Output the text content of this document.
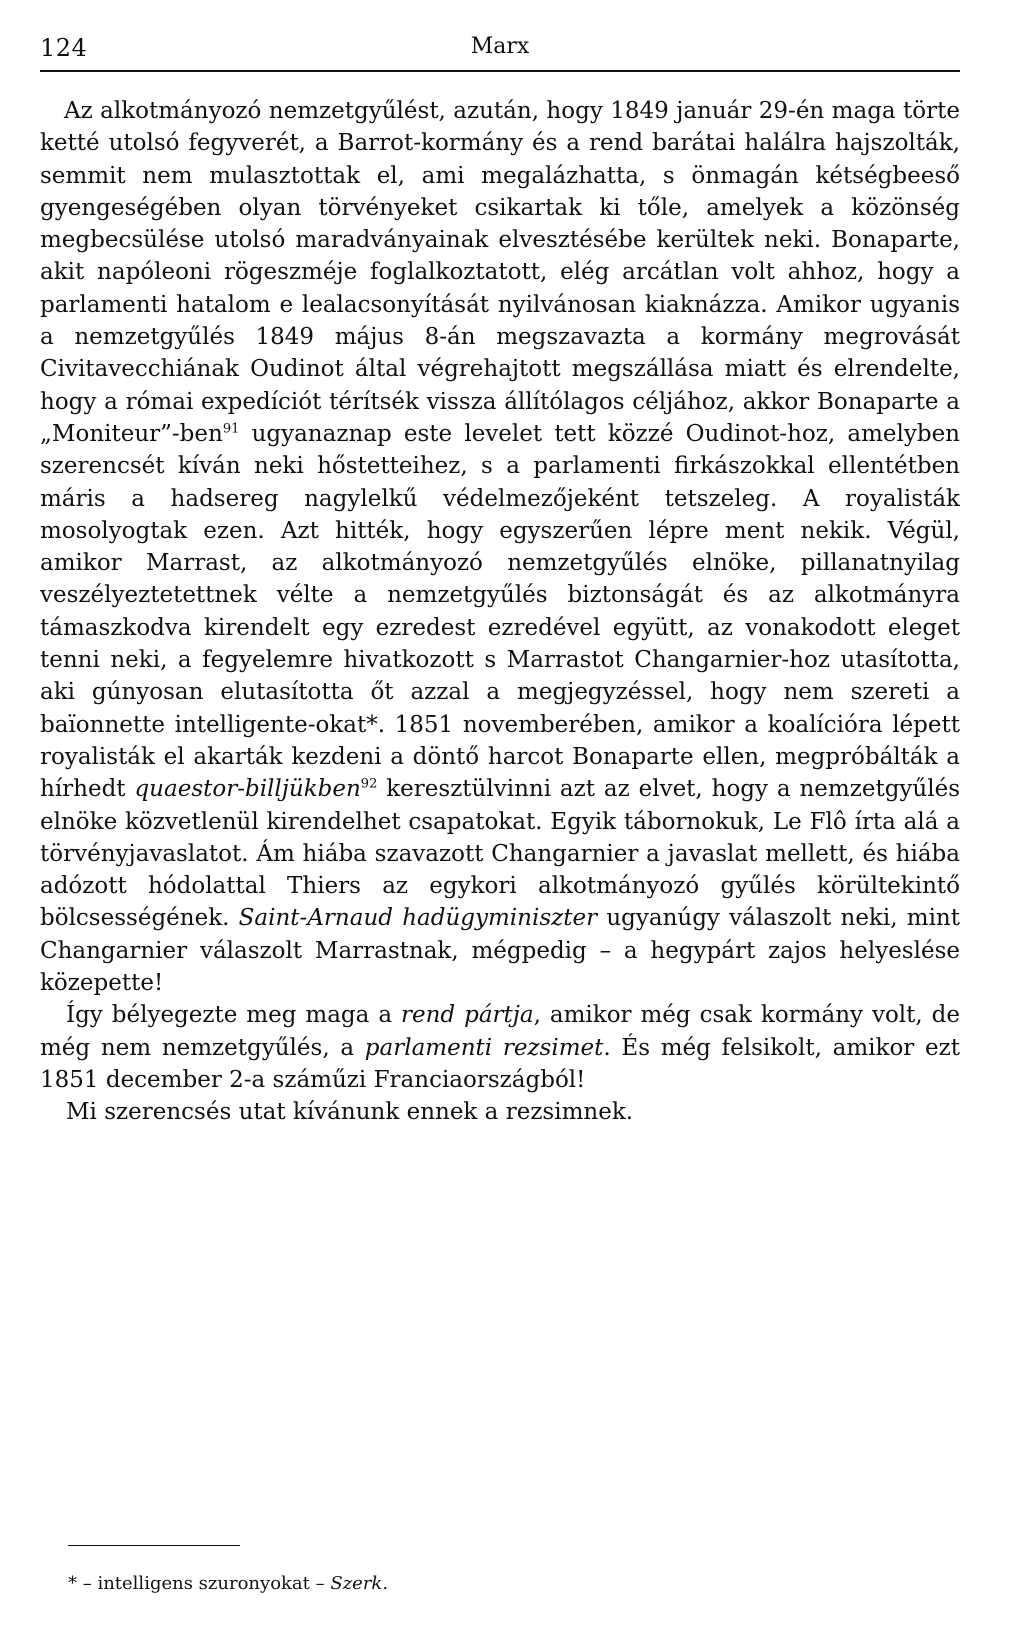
124	Marx

Az alkotmányozó nemzetgyűlést, azután, hogy 1849 január 29-én maga törte ketté utolsó fegyverét, a Barrot-kormány és a rend barátai halálra hajszolták, semmit nem mulasztottak el, ami megalázhatta, s önmagán kétségbeeső gyengeségében olyan törvényeket csikartak ki tőle, amelyek a közönség megbecsülése utolsó maradványainak elvesztésébe kerültek neki. Bonaparte, akit napóleoni rögeszméje foglalkoztatott, elég arcátlan volt ahhoz, hogy a parlamenti hatalom e lealacsonyítását nyilvánosan kiaknázza. Amikor ugyanis a nemzetgyűlés 1849 május 8-án megszavazta a kormány megrovását Civitavecchiának Oudinot által végrehajtott megszállása miatt és elrendelte, hogy a római expedíciót térítsék vissza állítólagos céljához, akkor Bonaparte a „Moniteur”-ben$^{91}$ ugyanaznap este levelet tett közzé Oudinot-hoz, amelyben szerencsét kíván neki hőstetteihez, s a parlamenti firkászokkal ellentétben máris a hadsereg nagylelkű védelmezőjeként tetszeleg. A royalisták mosolyogtak ezen. Azt hitték, hogy egyszerűen lépre ment nekik. Végül, amikor Marrast, az alkotmányozó nemzetgyűlés elnöke, pillanatnyilag veszélyeztetettnek vélte a nemzetgyűlés biztonságát és az alkotmányra támaszkodva kirendelt egy ezredest ezredével együtt, az vonakodott eleget tenni neki, a fegyelemre hivatkozott s Marrastot Changarnier-hoz utasította, aki gúnyosan elutasította őt azzal a megjegyzéssel, hogy nem szereti a baïonnette intelligente-okat*. 1851 novemberében, amikor a koalícióra lépett royalisták el akarták kezdeni a döntő harcot Bonaparte ellen, megpróbálták a hírhedt quaestor-billjükben$^{92}$ keresztülvinni azt az elvet, hogy a nemzetgyűlés elnöke közvetlenül kirendelhet csapatokat. Egyik tábornokuk, Le Flô írta alá a törvényjavaslatot. Ám hiába szavazott Changarnier a javaslat mellett, és hiába adózott hódolattal Thiers az egykori alkotmányozó gyűlés körültekintő bölcsességének. Saint-Arnaud hadügyminiszter ugyanúgy válaszolt neki, mint Changarnier válaszolt Marrastnak, mégpedig – a hegypárt zajos helyeslése közepette!

Így bélyegezte meg maga a rend pártja, amikor még csak kormány volt, de még nem nemzetgyűlés, a parlamenti rezsimet. És még felsikolt, amikor ezt 1851 december 2-a száműzi Franciaországból!

Mi szerencsés utat kívánunk ennek a rezsimnek.

* – intelligens szuronyokat – Szerk.
